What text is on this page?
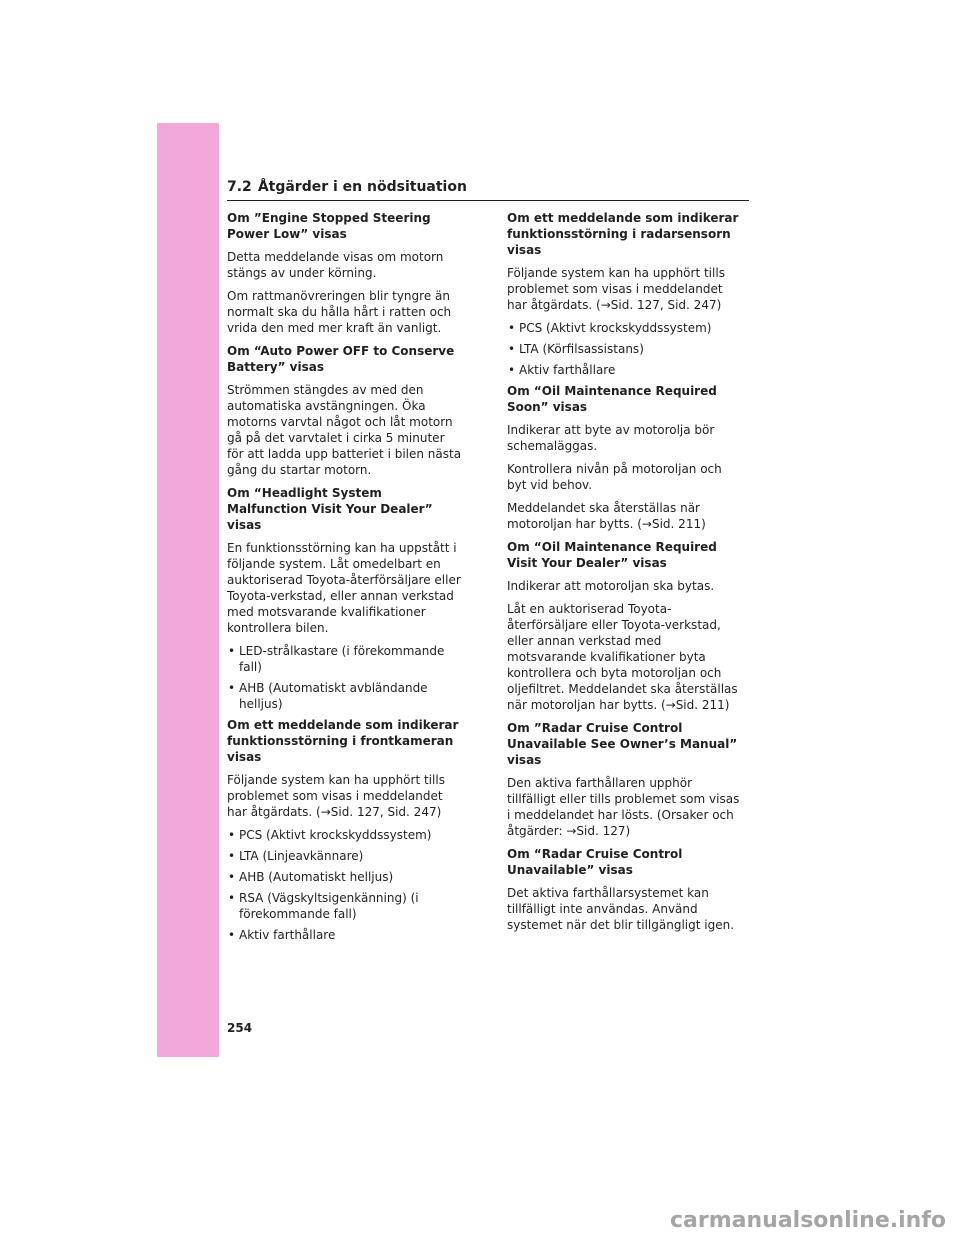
7.2 Åtgärder i en nödsituation
Om ”Engine Stopped Steering Power Low” visas
Detta meddelande visas om motorn stängs av under körning.
Om rattmanövreringen blir tyngre än normalt ska du hålla hårt i ratten och vrida den med mer kraft än vanligt.
Om “Auto Power OFF to Conserve Battery” visas
Strömmen stängdes av med den automatiska avstängningen. Öka motorns varvtal något och låt motorn gå på det varvtalet i cirka 5 minuter för att ladda upp batteriet i bilen nästa gång du startar motorn.
Om “Headlight System Malfunction Visit Your Dealer” visas
En funktionsstörning kan ha uppstått i följande system. Låt omedelbart en auktoriserad Toyota-återförsäljare eller Toyota-verkstad, eller annan verkstad med motsvarande kvalifikationer kontrollera bilen.
• LED-strålkastare (i förekommande fall)
• AHB (Automatiskt avbländande helljus)
Om ett meddelande som indikerar funktionsstörning i frontkameran visas
Följande system kan ha upphört tills problemet som visas i meddelandet har åtgärdats. (→Sid. 127, Sid. 247)
• PCS (Aktivt krockskyddssystem)
• LTA (Linjeavkännare)
• AHB (Automatiskt helljus)
• RSA (Vägskyltsigenkänning) (i förekommande fall)
• Aktiv farthållare
Om ett meddelande som indikerar funktionsstörning i radarsensorn visas
Följande system kan ha upphört tills problemet som visas i meddelandet har åtgärdats. (→Sid. 127, Sid. 247)
• PCS (Aktivt krockskyddssystem)
• LTA (Körfilsassistans)
• Aktiv farthållare
Om “Oil Maintenance Required Soon” visas
Indikerar att byte av motorolja bör schemaläggas.
Kontrollera nivån på motoroljan och byt vid behov.
Meddelandet ska återställas när motoroljan har bytts. (→Sid. 211)
Om “Oil Maintenance Required Visit Your Dealer” visas
Indikerar att motoroljan ska bytas.
Låt en auktoriserad Toyota-återförsäljare eller Toyota-verkstad, eller annan verkstad med motsvarande kvalifikationer byta kontrollera och byta motoroljan och oljefiltret. Meddelandet ska återställas när motoroljan har bytts. (→Sid. 211)
Om ”Radar Cruise Control Unavailable See Owner’s Manual” visas
Den aktiva farthållaren upphör tillfälligt eller tills problemet som visas i meddelandet har lösts. (Orsaker och åtgärder: →Sid. 127)
Om “Radar Cruise Control Unavailable” visas
Det aktiva farthållarsystemet kan tillfälligt inte användas. Använd systemet när det blir tillgängligt igen.
254
carmanualsonline.info
